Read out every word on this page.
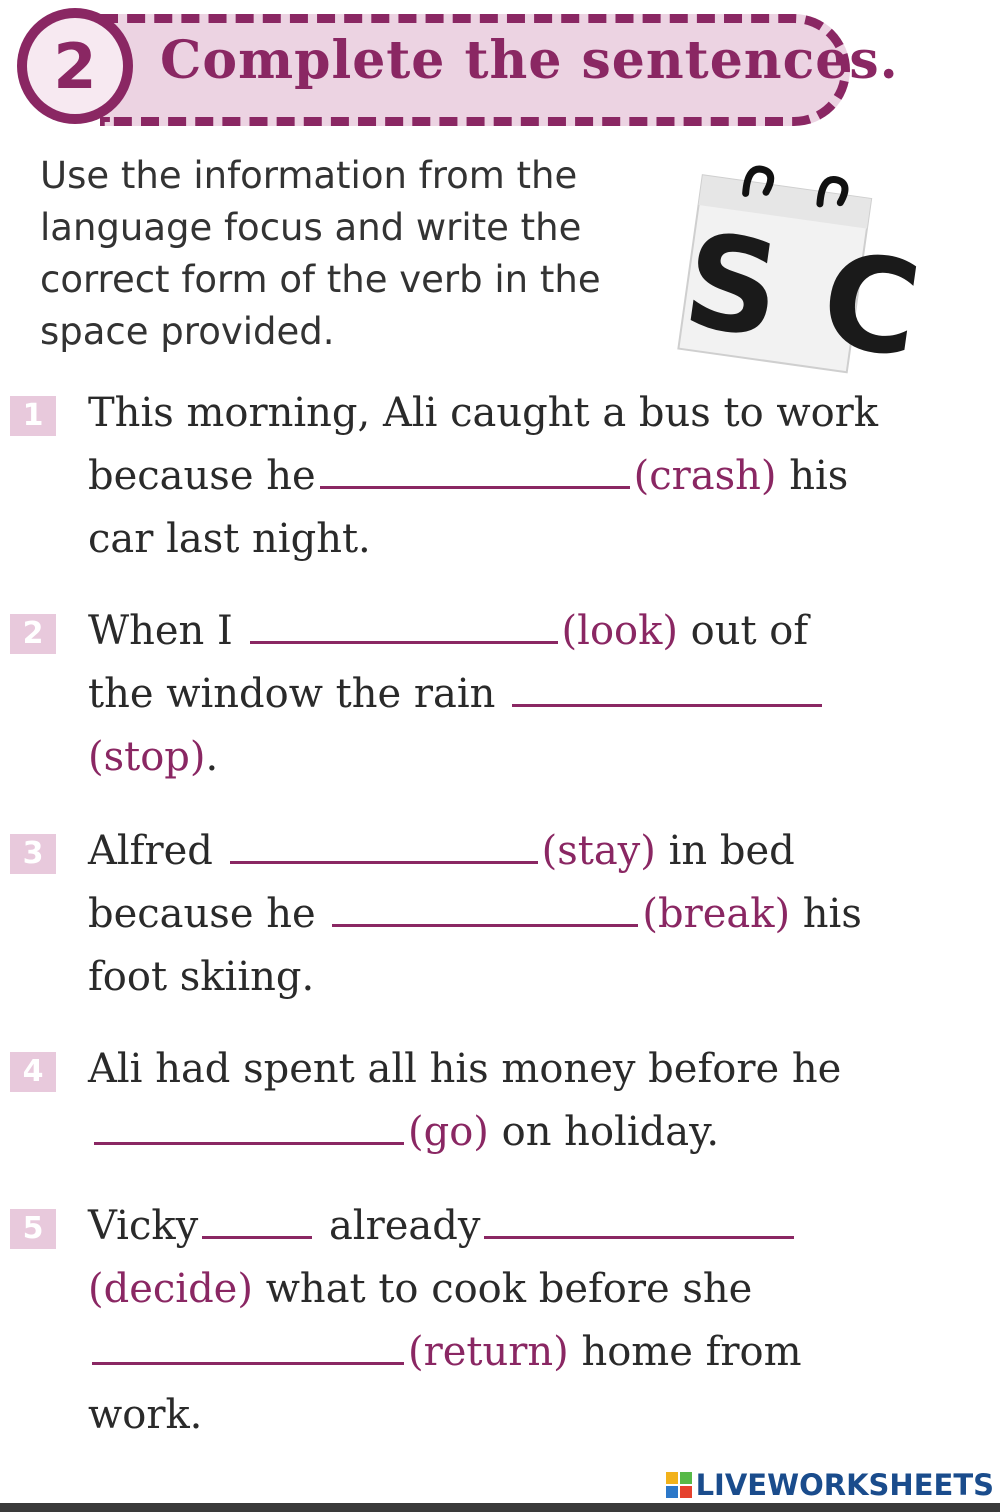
2	Complete the sentences.
Use the information from the language focus and write the correct form of the verb in the space provided.	S C
1	This morning, Ali caught a bus to work
because he	(crash) his
car last night.
2	When I	(look) out of
the window the rain
(stop).
3	Alfred	(stay) in bed
because he	(break) his
foot skiing.
4	Ali had spent all his money before he
(go) on holiday.
5	Vicky	already
(decide) what to cook before she
(return) home from
work.
LIVEWORKSHEETS
